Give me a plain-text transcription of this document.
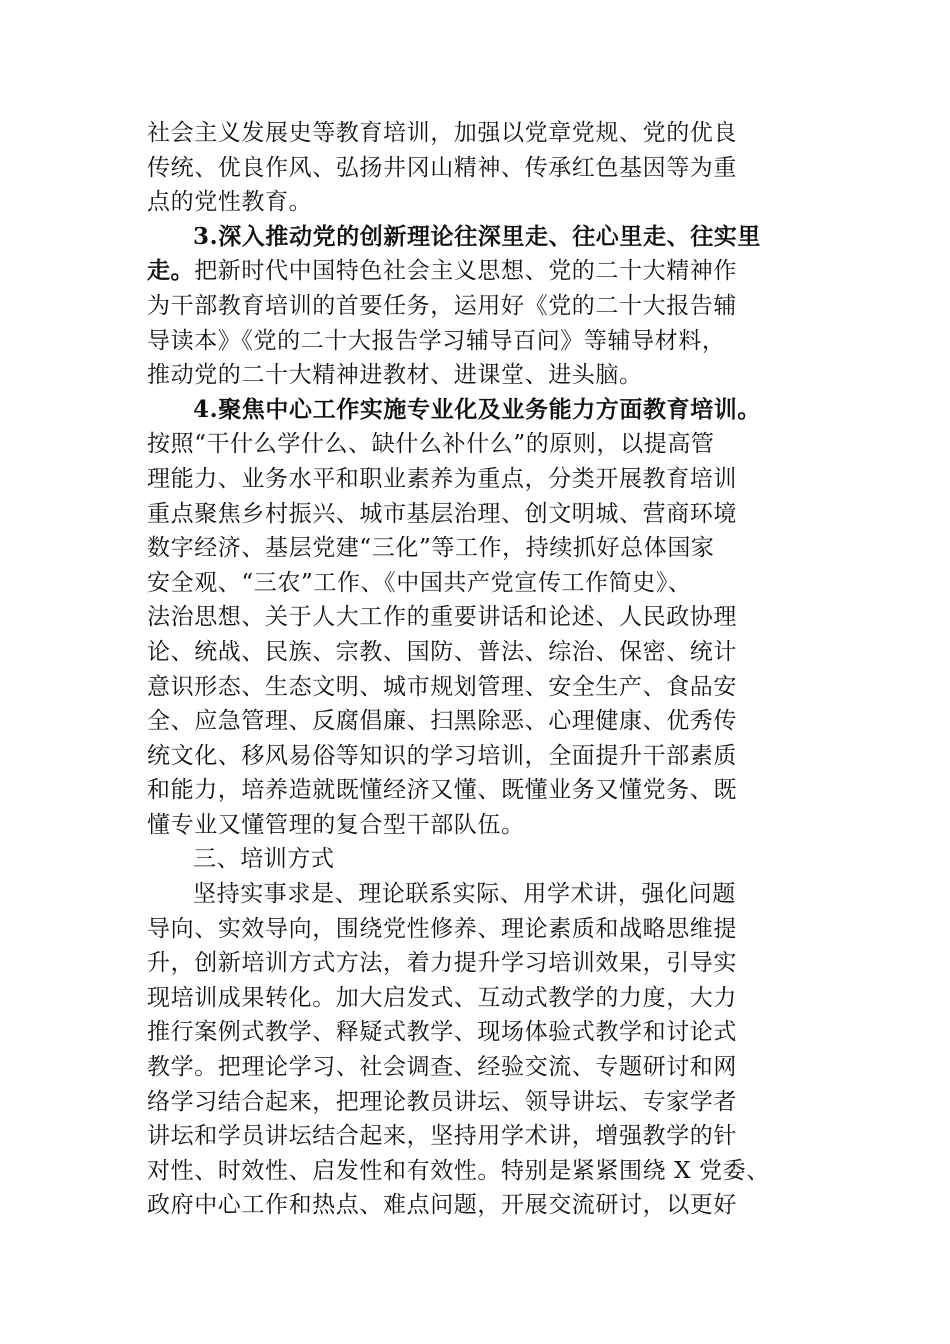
社会主义发展史等教育培训，加强以党章党规、党的优良
传统、优良作风、弘扬井冈山精神、传承红色基因等为重
点的党性教育。
3.深入推动党的创新理论往深里走、往心里走、往实里
走。把新时代中国特色社会主义思想、党的二十大精神作
为干部教育培训的首要任务，运用好《党的二十大报告辅
导读本》《党的二十大报告学习辅导百问》等辅导材料，
推动党的二十大精神进教材、进课堂、进头脑。
4.聚焦中心工作实施专业化及业务能力方面教育培训。
按照“干什么学什么、缺什么补什么”的原则，以提高管
理能力、业务水平和职业素养为重点，分类开展教育培训
重点聚焦乡村振兴、城市基层治理、创文明城、营商环境
数字经济、基层党建“三化”等工作，持续抓好总体国家
安全观、“三农”工作、《中国共产党宣传工作简史》、
法治思想、关于人大工作的重要讲话和论述、人民政协理
论、统战、民族、宗教、国防、普法、综治、保密、统计
意识形态、生态文明、城市规划管理、安全生产、食品安
全、应急管理、反腐倡廉、扫黑除恶、心理健康、优秀传
统文化、移风易俗等知识的学习培训，全面提升干部素质
和能力，培养造就既懂经济又懂、既懂业务又懂党务、既
懂专业又懂管理的复合型干部队伍。
三、培训方式
坚持实事求是、理论联系实际、用学术讲，强化问题
导向、实效导向，围绕党性修养、理论素质和战略思维提
升，创新培训方式方法，着力提升学习培训效果，引导实
现培训成果转化。加大启发式、互动式教学的力度，大力
推行案例式教学、释疑式教学、现场体验式教学和讨论式
教学。把理论学习、社会调查、经验交流、专题研讨和网
络学习结合起来，把理论教员讲坛、领导讲坛、专家学者
讲坛和学员讲坛结合起来，坚持用学术讲，增强教学的针
对性、时效性、启发性和有效性。特别是紧紧围绕 X 党委、
政府中心工作和热点、难点问题，开展交流研讨，以更好
